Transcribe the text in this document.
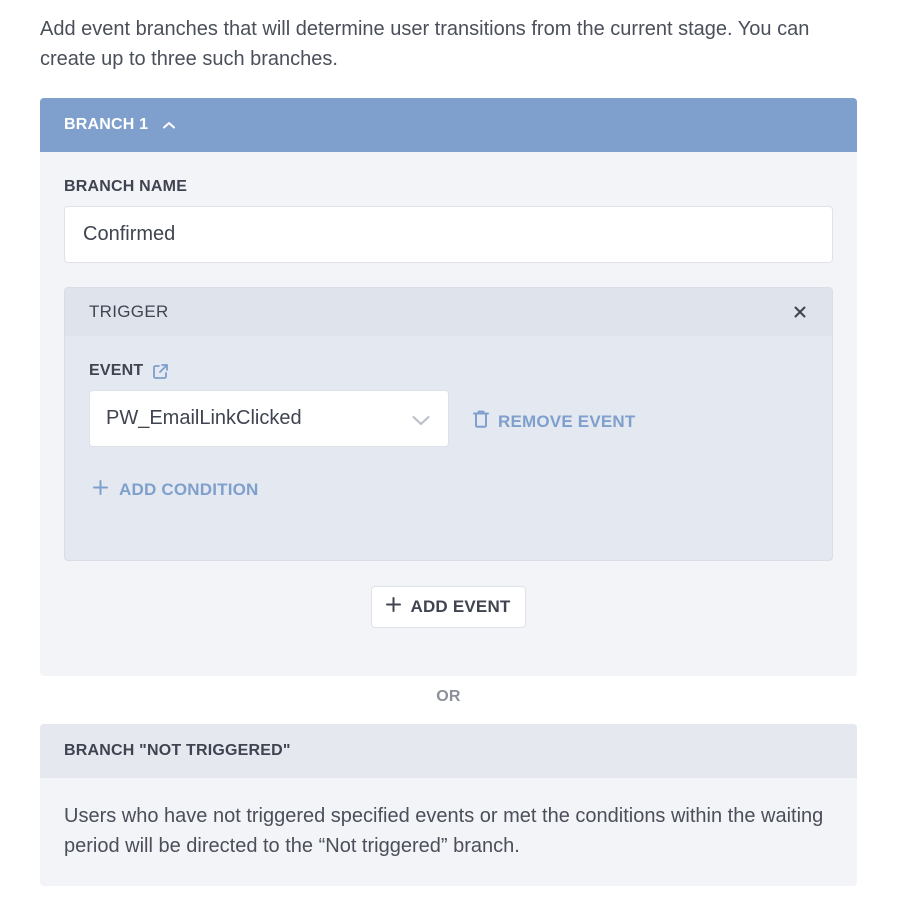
Add event branches that will determine user transitions from the current stage. You can create up to three such branches.

BRANCH 1
BRANCH NAME
Confirmed
TRIGGER
EVENT
PW_EmailLinkClicked	REMOVE EVENT
ADD CONDITION
ADD EVENT
OR
BRANCH "NOT TRIGGERED"

Users who have not triggered specified events or met the conditions within the waiting period will be directed to the “Not triggered” branch.
